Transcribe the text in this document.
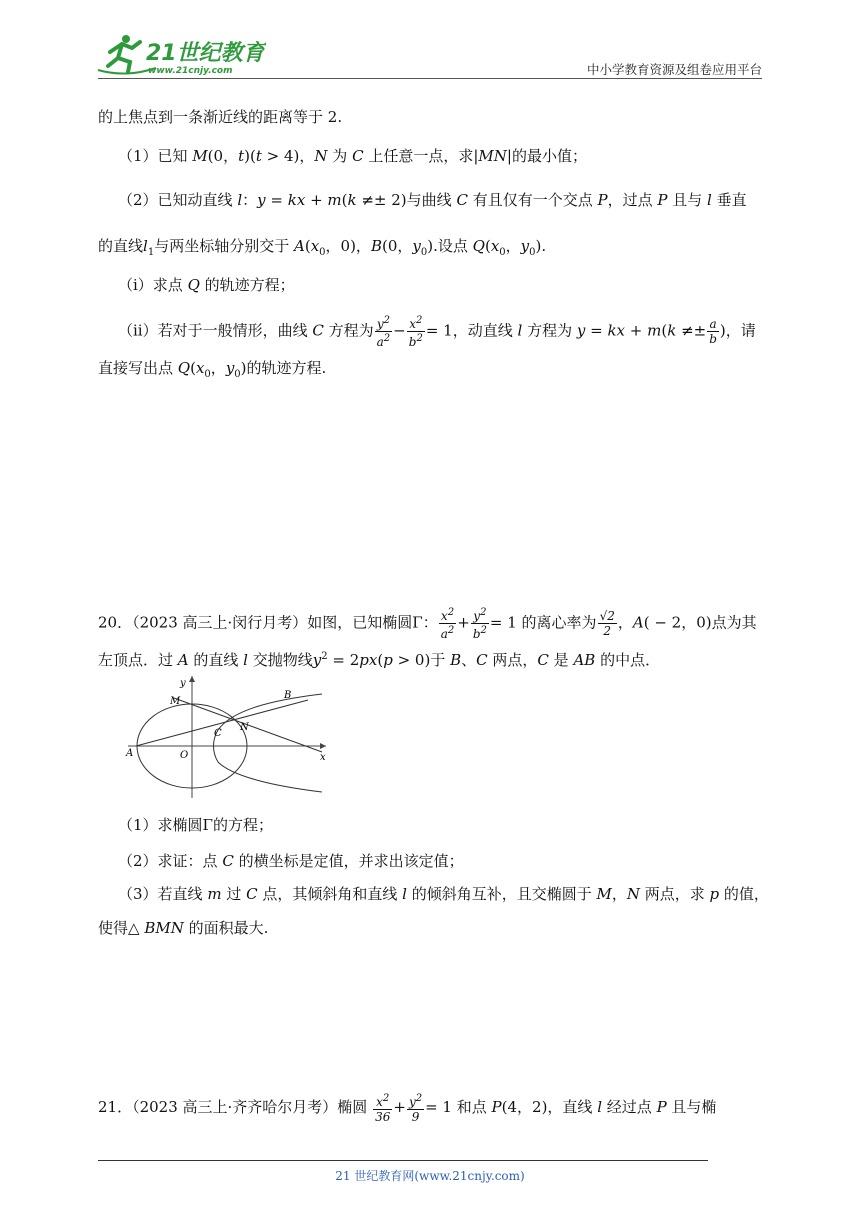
21世纪教育
www.21cnjy.com	中小学教育资源及组卷应用平台
的上焦点到一条渐近线的距离等于 2.
（1）已知 M(0，t)(t > 4)，N 为 C 上任意一点，求|MN|的最小值；
（2）已知动直线 l：y = kx + m(k ≠± 2)与曲线 C 有且仅有一个交点 P，过点 P 且与 l 垂直
的直线$l_1$与两坐标轴分别交于 $A(x_0$，0)，B(0，$y_0$).设点 $Q(x_0$，$y_0$).
（i）求点 Q 的轨迹方程；
（ii）若对于一般情形，曲线 C 方程为 $\frac{y^2}{a^2} - \frac{x^2}{b^2} = 1$，动直线 l 方程为 y = kx + $m(k \ne\pm \frac{a}{b}$ )，请
直接写出点 $Q(x_0$，$y_0$)的轨迹方程.
20．（2023 高三上·闵行月考）如图，已知椭圆Γ： $\frac{x^2}{a^2} + \frac{y^2}{b^2} = 1$ 的离心率为 $\frac{√2}{2}$ ，A( − 2，0)点为其
左顶点．过 A 的直线 l 交抛物线$y^2 = 2px(p > 0)$于 B、C 两点，C 是 AB 的中点．
y
x
M
B
N
C
A	O
（1）求椭圆Γ的方程；
（2）求证：点 C 的横坐标是定值，并求出该定值；
（3）若直线 m 过 C 点，其倾斜角和直线 l 的倾斜角互补，且交椭圆于 M，N 两点，求 p 的值，
使得△ BMN 的面积最大.
21．（2023 高三上·齐齐哈尔月考）椭圆 $\frac{x^2}{36} + \frac{y^2}{9} = 1$ 和点 P(4，2)，直线 l 经过点 P 且与椭
21 世纪教育网(www.21cnjy.com)
